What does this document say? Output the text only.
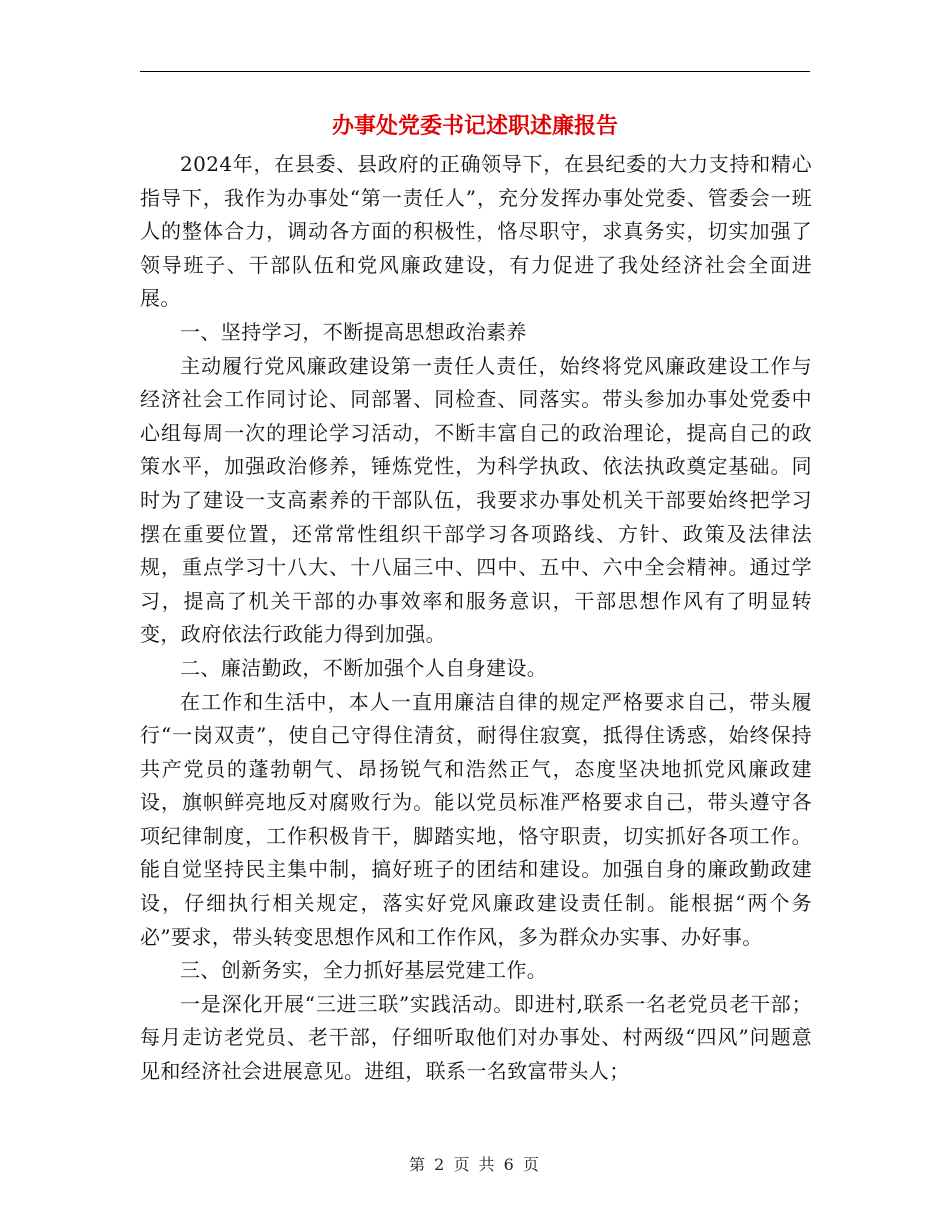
办事处党委书记述职述廉报告

2024年，在县委、县政府的正确领导下，在县纪委的大力支持和精心指导下，我作为办事处“第一责任人”，充分发挥办事处党委、管委会一班人的整体合力，调动各方面的积极性，恪尽职守，求真务实，切实加强了领导班子、干部队伍和党风廉政建设，有力促进了我处经济社会全面进展。

一、坚持学习，不断提高思想政治素养

主动履行党风廉政建设第一责任人责任，始终将党风廉政建设工作与经济社会工作同讨论、同部署、同检查、同落实。带头参加办事处党委中心组每周一次的理论学习活动，不断丰富自己的政治理论，提高自己的政策水平，加强政治修养，锤炼党性，为科学执政、依法执政奠定基础。同时为了建设一支高素养的干部队伍，我要求办事处机关干部要始终把学习摆在重要位置，还常常性组织干部学习各项路线、方针、政策及法律法规，重点学习十八大、十八届三中、四中、五中、六中全会精神。通过学习，提高了机关干部的办事效率和服务意识，干部思想作风有了明显转变，政府依法行政能力得到加强。

二、廉洁勤政，不断加强个人自身建设。

在工作和生活中，本人一直用廉洁自律的规定严格要求自己，带头履行“一岗双责”，使自己守得住清贫，耐得住寂寞，抵得住诱惑，始终保持共产党员的蓬勃朝气、昂扬锐气和浩然正气，态度坚决地抓党风廉政建设，旗帜鲜亮地反对腐败行为。能以党员标准严格要求自己，带头遵守各项纪律制度，工作积极肯干，脚踏实地，恪守职责，切实抓好各项工作。能自觉坚持民主集中制，搞好班子的团结和建设。加强自身的廉政勤政建设，仔细执行相关规定，落实好党风廉政建设责任制。能根据“两个务必”要求，带头转变思想作风和工作作风，多为群众办实事、办好事。

三、创新务实，全力抓好基层党建工作。

一是深化开展“三进三联”实践活动。即进村,联系一名老党员老干部；每月走访老党员、老干部，仔细听取他们对办事处、村两级“四风”问题意见和经济社会进展意见。进组，联系一名致富带头人；

第 2 页 共 6 页
